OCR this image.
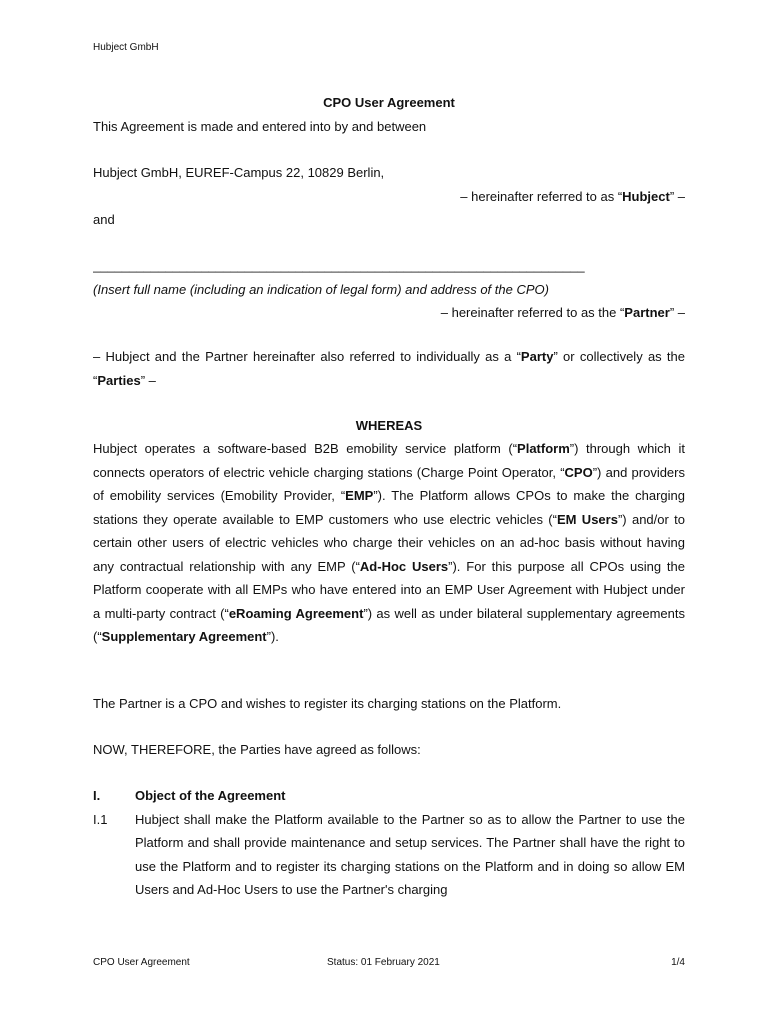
Hubject GmbH
CPO User Agreement

This Agreement is made and entered into by and between

Hubject GmbH, EUREF-Campus 22, 10829 Berlin,

– hereinafter referred to as “Hubject” –

and

____________________________________________________________________

(Insert full name (including an indication of legal form) and address of the CPO)

– hereinafter referred to as the “Partner” –

– Hubject and the Partner hereinafter also referred to individually as a “Party” or collectively as the “Parties” –

WHEREAS

Hubject operates a software-based B2B emobility service platform (“Platform”) through which it connects operators of electric vehicle charging stations (Charge Point Operator, “CPO”) and providers of emobility services (Emobility Provider, “EMP”). The Platform allows CPOs to make the charging stations they operate available to EMP customers who use electric vehicles (“EM Users”) and/or to certain other users of electric vehicles who charge their vehicles on an ad-hoc basis without having any contractual relationship with any EMP (“Ad-Hoc Users”). For this purpose all CPOs using the Platform cooperate with all EMPs who have entered into an EMP User Agreement with Hubject under a multi-party contract (“eRoaming Agreement”) as well as under bilateral supplementary agreements (“Supplementary Agreement”).

The Partner is a CPO and wishes to register its charging stations on the Platform.

NOW, THEREFORE, the Parties have agreed as follows:

I.	Object of the Agreement
I.1	Hubject shall make the Platform available to the Partner so as to allow the Partner to use the Platform and shall provide maintenance and setup services. The Partner shall have the right to use the Platform and to register its charging stations on the Platform and in doing so allow EM Users and Ad-Hoc Users to use the Partner's charging
CPO User Agreement	Status: 01 February 2021	1/4
